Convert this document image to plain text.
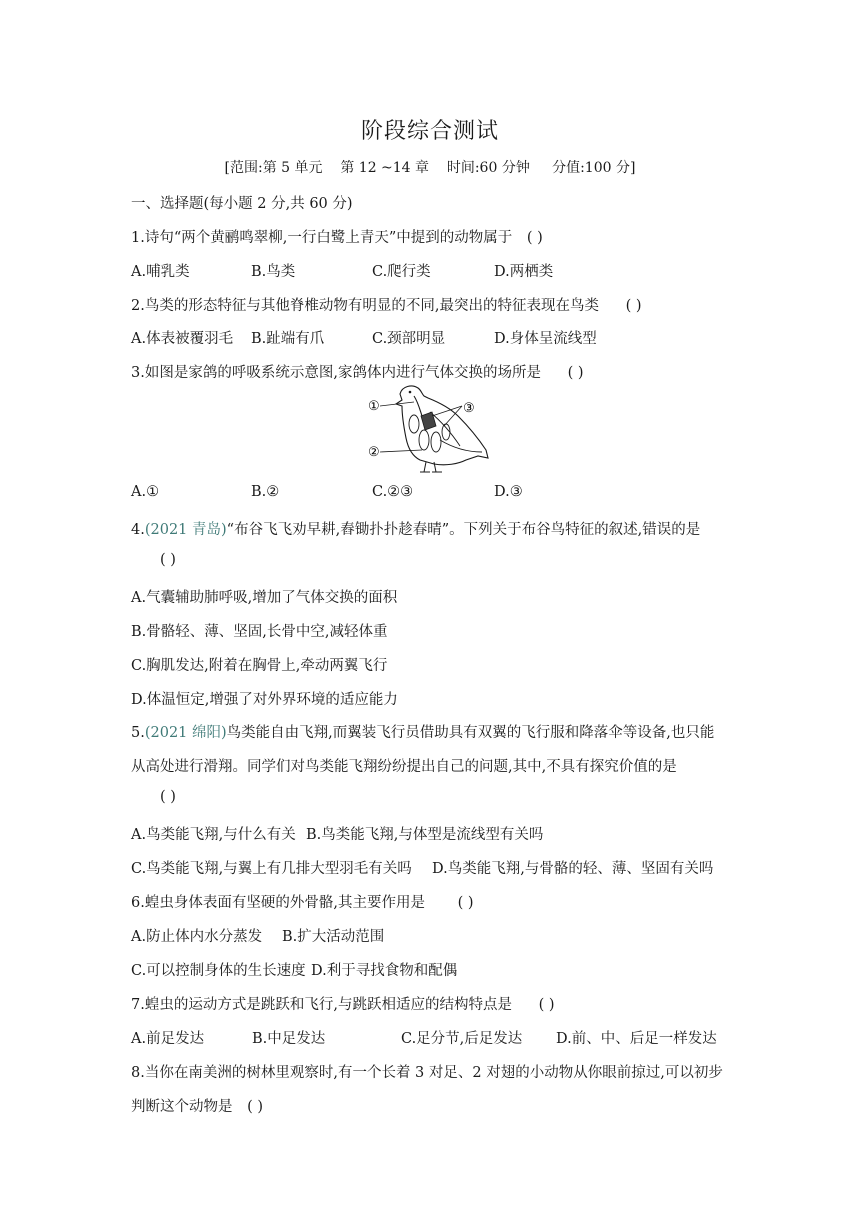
阶段综合测试
[范围:第 5 单元    第 12 ~14 章    时间:60 分钟     分值:100 分]
一、选择题(每小题 2 分,共 60 分)
1.诗句“两个黄鹂鸣翠柳,一行白鹭上青天”中提到的动物属于 ( )
A.哺乳类	B.鸟类	C.爬行类	D.两栖类
2.鸟类的形态特征与其他脊椎动物有明显的不同,最突出的特征表现在鸟类 ( )
A.体表被覆羽毛 B.趾端有爪	C.颈部明显	D.身体呈流线型
3.如图是家鸽的呼吸系统示意图,家鸽体内进行气体交换的场所是 ( )
①
②
③
A.①	B.②	C.②③	D.③
4.(2021 青岛)“布谷飞飞劝早耕,舂锄扑扑趁春晴”。下列关于布谷鸟特征的叙述,错误的是
( )
A.气囊辅助肺呼吸,增加了气体交换的面积
B.骨骼轻、薄、坚固,长骨中空,减轻体重
C.胸肌发达,附着在胸骨上,牵动两翼飞行
D.体温恒定,增强了对外界环境的适应能力
5.(2021 绵阳)鸟类能自由飞翔,而翼装飞行员借助具有双翼的飞行服和降落伞等设备,也只能
从高处进行滑翔。同学们对鸟类能飞翔纷纷提出自己的问题,其中,不具有探究价值的是
( )
A.鸟类能飞翔,与什么有关 B.鸟类能飞翔,与体型是流线型有关吗
C.鸟类能飞翔,与翼上有几排大型羽毛有关吗 D.鸟类能飞翔,与骨骼的轻、薄、坚固有关吗
6.蝗虫身体表面有坚硬的外骨骼,其主要作用是 ( )
A.防止体内水分蒸发 B.扩大活动范围
C.可以控制身体的生长速度 D.利于寻找食物和配偶
7.蝗虫的运动方式是跳跃和飞行,与跳跃相适应的结构特点是 ( )
A.前足发达	B.中足发达	C.足分节,后足发达 D.前、中、后足一样发达
8.当你在南美洲的树林里观察时,有一个长着 3 对足、2 对翅的小动物从你眼前掠过,可以初步
判断这个动物是 ( )
